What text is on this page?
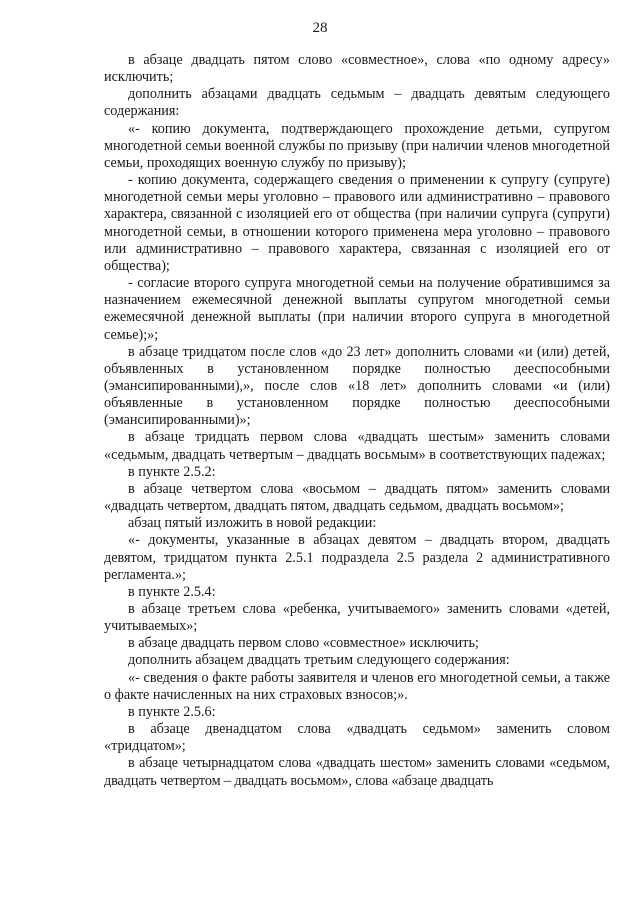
28

в абзаце двадцать пятом слово «совместное», слова «по одному адресу» исключить;

дополнить абзацами двадцать седьмым – двадцать девятым следующего содержания:

«- копию документа, подтверждающего прохождение детьми, супругом многодетной семьи военной службы по призыву (при наличии членов многодетной семьи, проходящих военную службу по призыву);

- копию документа, содержащего сведения о применении к супругу (супруге) многодетной семьи меры уголовно – правового или административно – правового характера, связанной с изоляцией его от общества (при наличии супруга (супруги) многодетной семьи, в отношении которого применена мера уголовно – правового или административно – правового характера, связанная с изоляцией его от общества);

- согласие второго супруга многодетной семьи на получение обратившимся за назначением ежемесячной денежной выплаты супругом многодетной семьи ежемесячной денежной выплаты (при наличии второго супруга в многодетной семье);»;

в абзаце тридцатом после слов «до 23 лет» дополнить словами «и (или) детей, объявленных в установленном порядке полностью дееспособными (эмансипированными),», после слов «18 лет» дополнить словами «и (или) объявленные в установленном порядке полностью дееспособными (эмансипированными)»;

в абзаце тридцать первом слова «двадцать шестым» заменить словами «седьмым, двадцать четвертым – двадцать восьмым» в соответствующих падежах;

в пункте 2.5.2:

в абзаце четвертом слова «восьмом – двадцать пятом» заменить словами «двадцать четвертом, двадцать пятом, двадцать седьмом, двадцать восьмом»;

абзац пятый изложить в новой редакции:

«- документы, указанные в абзацах девятом – двадцать втором, двадцать девятом, тридцатом пункта 2.5.1 подраздела 2.5 раздела 2 административного регламента.»;

в пункте 2.5.4:

в абзаце третьем слова «ребенка, учитываемого» заменить словами «детей, учитываемых»;

в абзаце двадцать первом слово «совместное» исключить;

дополнить абзацем двадцать третьим следующего содержания:

«- сведения о факте работы заявителя и членов его многодетной семьи, а также о факте начисленных на них страховых взносов;».

в пункте 2.5.6:

в абзаце двенадцатом слова «двадцать седьмом» заменить словом «тридцатом»;

в абзаце четырнадцатом слова «двадцать шестом» заменить словами «седьмом, двадцать четвертом – двадцать восьмом», слова «абзаце двадцать
